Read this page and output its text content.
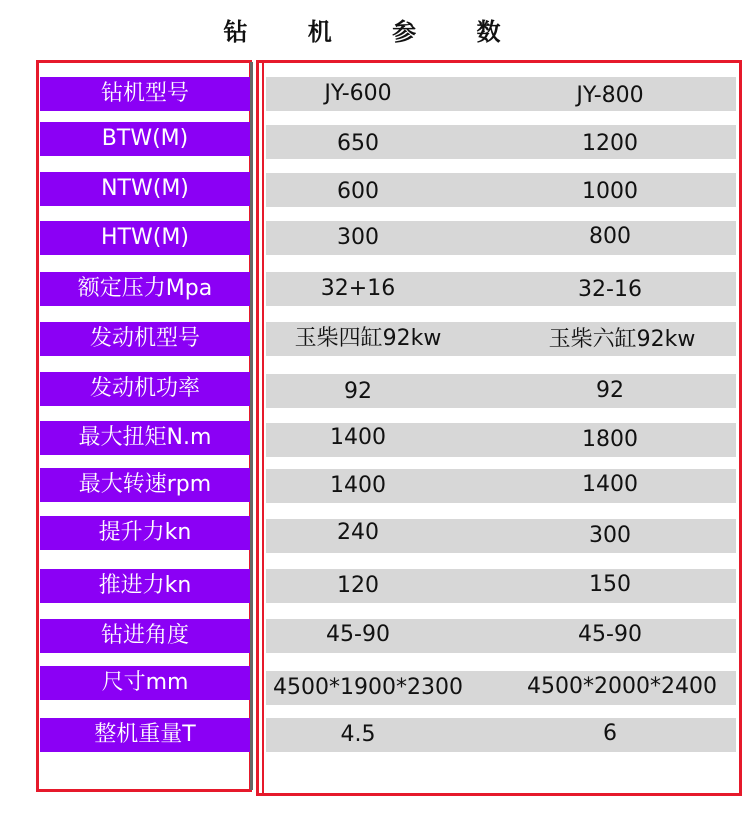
钻 机 参 数
钻机型号	JY-600	JY-800
BTW(M)	650	1200
NTW(M)	600	1000
HTW(M)	300	800
额定压力Mpa	32+16	32-16
发动机型号	玉柴四缸92kw	玉柴六缸92kw
发动机功率	92	92
最大扭矩N.m	1400	1800
最大转速rpm	1400	1400
提升力kn	240	300
推进力kn	120	150
钻进角度	45-90	45-90
尺寸mm	4500*1900*2300	4500*2000*2400
整机重量T	4.5	6
